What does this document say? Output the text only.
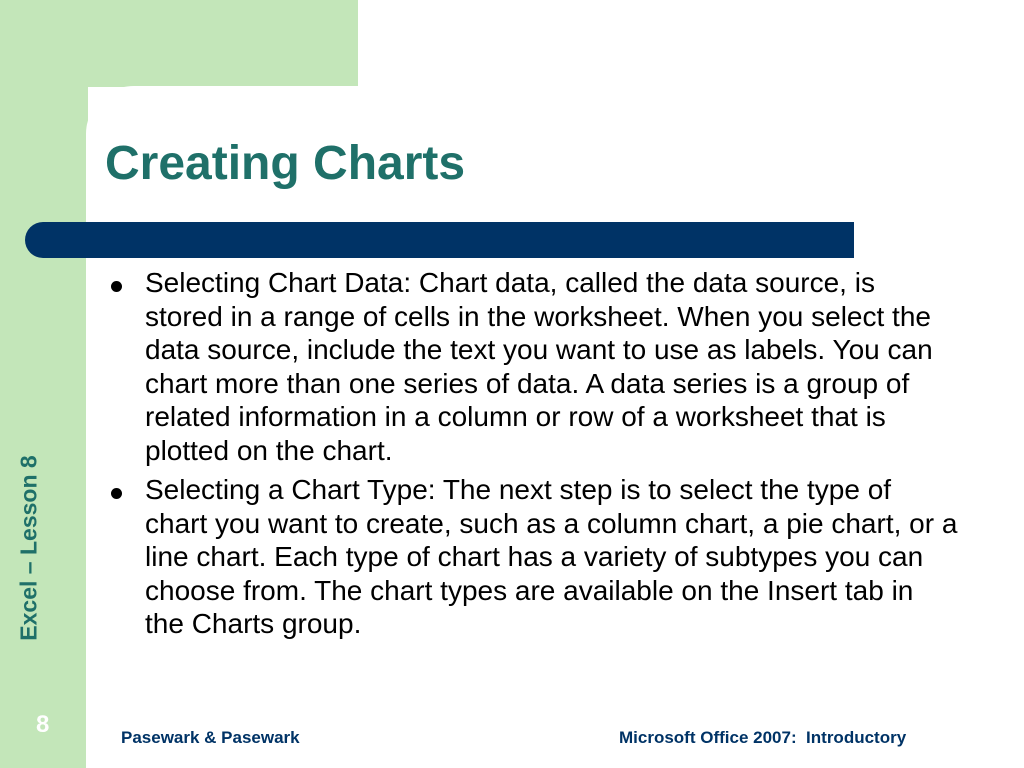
Creating Charts
Selecting Chart Data: Chart data, called the data source, is stored in a range of cells in the worksheet. When you select the data source, include the text you want to use as labels. You can chart more than one series of data. A data series is a group of related information in a column or row of a worksheet that is plotted on the chart.
Selecting a Chart Type: The next step is to select the type of chart you want to create, such as a column chart, a pie chart, or a line chart. Each type of chart has a variety of subtypes you can choose from. The chart types are available on the Insert tab in the Charts group.
Excel – Lesson 8
8	Pasewark & Pasewark	Microsoft Office 2007:  Introductory
